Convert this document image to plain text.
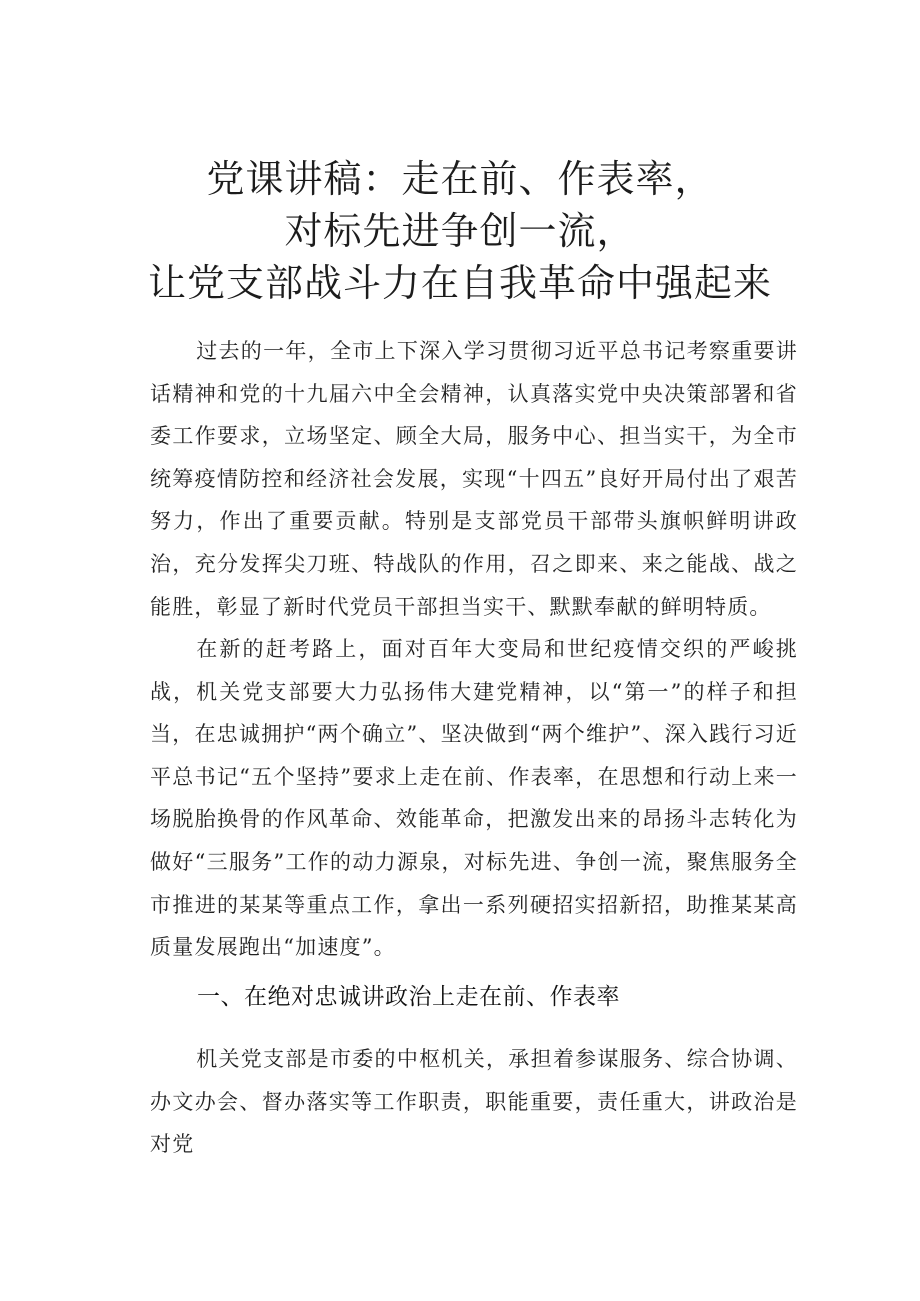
党课讲稿：走在前、作表率，
对标先进争创一流，
让党支部战斗力在自我革命中强起来

过去的一年，全市上下深入学习贯彻习近平总书记考察重要讲话精神和党的十九届六中全会精神，认真落实党中央决策部署和省委工作要求，立场坚定、顾全大局，服务中心、担当实干，为全市统筹疫情防控和经济社会发展，实现“十四五”良好开局付出了艰苦努力，作出了重要贡献。特别是支部党员干部带头旗帜鲜明讲政治，充分发挥尖刀班、特战队的作用，召之即来、来之能战、战之能胜，彰显了新时代党员干部担当实干、默默奉献的鲜明特质。

在新的赶考路上，面对百年大变局和世纪疫情交织的严峻挑战，机关党支部要大力弘扬伟大建党精神，以“第一”的样子和担当，在忠诚拥护“两个确立”、坚决做到“两个维护”、深入践行习近平总书记“五个坚持”要求上走在前、作表率，在思想和行动上来一场脱胎换骨的作风革命、效能革命，把激发出来的昂扬斗志转化为做好“三服务”工作的动力源泉，对标先进、争创一流，聚焦服务全市推进的某某等重点工作，拿出一系列硬招实招新招，助推某某高质量发展跑出“加速度”。

一、在绝对忠诚讲政治上走在前、作表率

机关党支部是市委的中枢机关，承担着参谋服务、综合协调、办文办会、督办落实等工作职责，职能重要，责任重大，讲政治是对党
